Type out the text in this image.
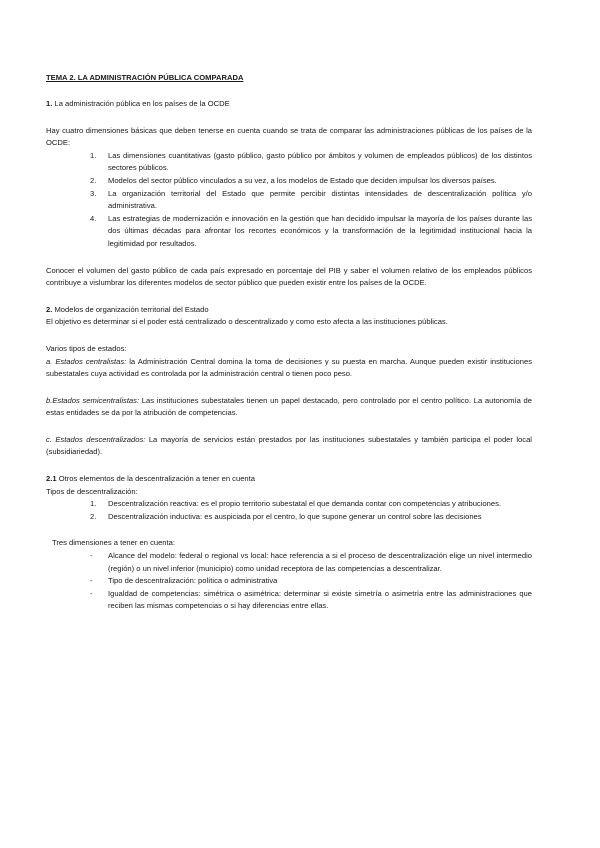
TEMA 2. LA ADMINISTRACIÓN PÚBLICA COMPARADA

1. La administración pública en los países de la OCDE

Hay cuatro dimensiones básicas que deben tenerse en cuenta cuando se trata de comparar las administraciones públicas de los países de la OCDE:

1. Las dimensiones cuantitativas (gasto público, gasto público por ámbitos y volumen de empleados públicos) de los distintos sectores públicos.
2. Modelos del sector público vinculados a su vez, a los modelos de Estado que deciden impulsar los diversos países.
3. La organización territorial del Estado que permite percibir distintas intensidades de descentralización política y/o administrativa.
4. Las estrategias de modernización e innovación en la gestión que han decidido impulsar la mayoría de los países durante las dos últimas décadas para afrontar los recortes económicos y la transformación de la legitimidad institucional hacia la legitimidad por resultados.

Conocer el volumen del gasto público de cada país expresado en porcentaje del PIB y saber el volumen relativo de los empleados públicos contribuye a vislumbrar los diferentes modelos de sector público que pueden existir entre los países de la OCDE.

2. Modelos de organización territorial del Estado

El objetivo es determinar si el poder está centralizado o descentralizado y como esto afecta a las instituciones públicas.

Varios tipos de estados:

a. Estados centralistas: la Administración Central domina la toma de decisiones y su puesta en marcha. Aunque pueden existir instituciones subestatales cuya actividad es controlada por la administración central o tienen poco peso.

b.Estados semicentralistas: Las instituciones subestatales tienen un papel destacado, pero controlado por el centro político. La autonomía de estas entidades se da por la atribución de competencias.

c. Estados descentralizados: La mayoría de servicios están prestados por las instituciones subestatales y también participa el poder local (subsidiariedad).

2.1 Otros elementos de la descentralización a tener en cuenta

Tipos de descentralización:

1. Descentralización reactiva: es el propio territorio subestatal el que demanda contar con competencias y atribuciones.
2. Descentralización inductiva: es auspiciada por el centro, lo que supone generar un control sobre las decisiones

Tres dimensiones a tener en cuenta:

- Alcance del modelo: federal o regional vs local: hace referencia a si el proceso de descentralización elige un nivel intermedio (región) o un nivel inferior (municipio) como unidad receptora de las competencias a descentralizar.
- Tipo de descentralización: política o administrativa
- Igualdad de competencias: simétrica o asimétrica: determinar si existe simetría o asimetría entre las administraciones que reciben las mismas competencias o si hay diferencias entre ellas.
